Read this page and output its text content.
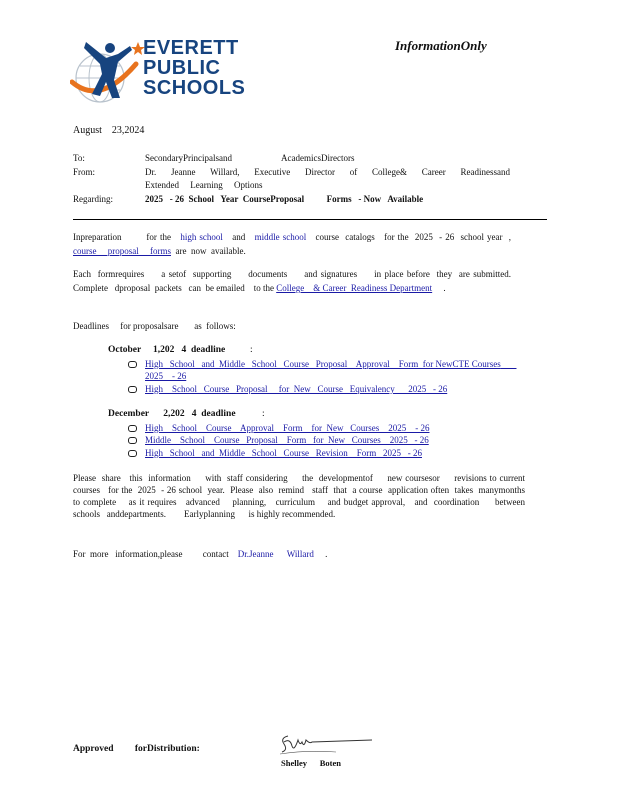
EVERETT
PUBLIC
SCHOOLS
InformationOnly
August    23,2024
To:	SecondaryPrincipalsand                      AcademicsDirectors
From:	Dr. Jeanne Willard, Executive Director of College& Career Readinessand
Extended     Learning     Options
Regarding:	2025   - 26  School   Year  CourseProposal          Forms   - Now   Available
Inpreparation        for the   high school   and   middle school   course  catalogs   for the  2025  - 26  school year  , course     proposal     forms  are  now  available.
Each  formrequires     a setof  supporting     documents     and signatures     in place before  they  are submitted.    Complete   dproposal  packets   can  be emailed    to the College    & Career  Readiness Department     .
Deadlines     for proposalsare       as  follows:
October     1,202   4  deadline	:
High   School   and  Middle   School   Course   Proposal    Approval    Form  for NewCTE Courses       2025    - 26
High    School   Course   Proposal     for  New   Course   Equivalency      2025   - 26
December      2,202   4  deadline	:
High    School    Course    Approval    Form    for  New   Courses    2025    - 26
Middle    School    Course   Proposal    Form   for  New   Courses    2025   - 26
High   School   and  Middle   School   Course   Revision    Form   2025   - 26
Please  share   this  information     with  staff considering     the  developmentof     new coursesor     revisions to current   courses   for the  2025  - 26 school  year.  Please  also  remind   staff  that  a course  application often  takes  manymonths      to complete    as it requires   advanced    planning,   curriculum    and budget approval,   and  coordination     between   schools   anddepartments.        Earlyplanning      is highly recommended.
For  more   information,please         contact    Dr.Jeanne      Willard     .
Approved         forDistribution:
Shelley      Boten
